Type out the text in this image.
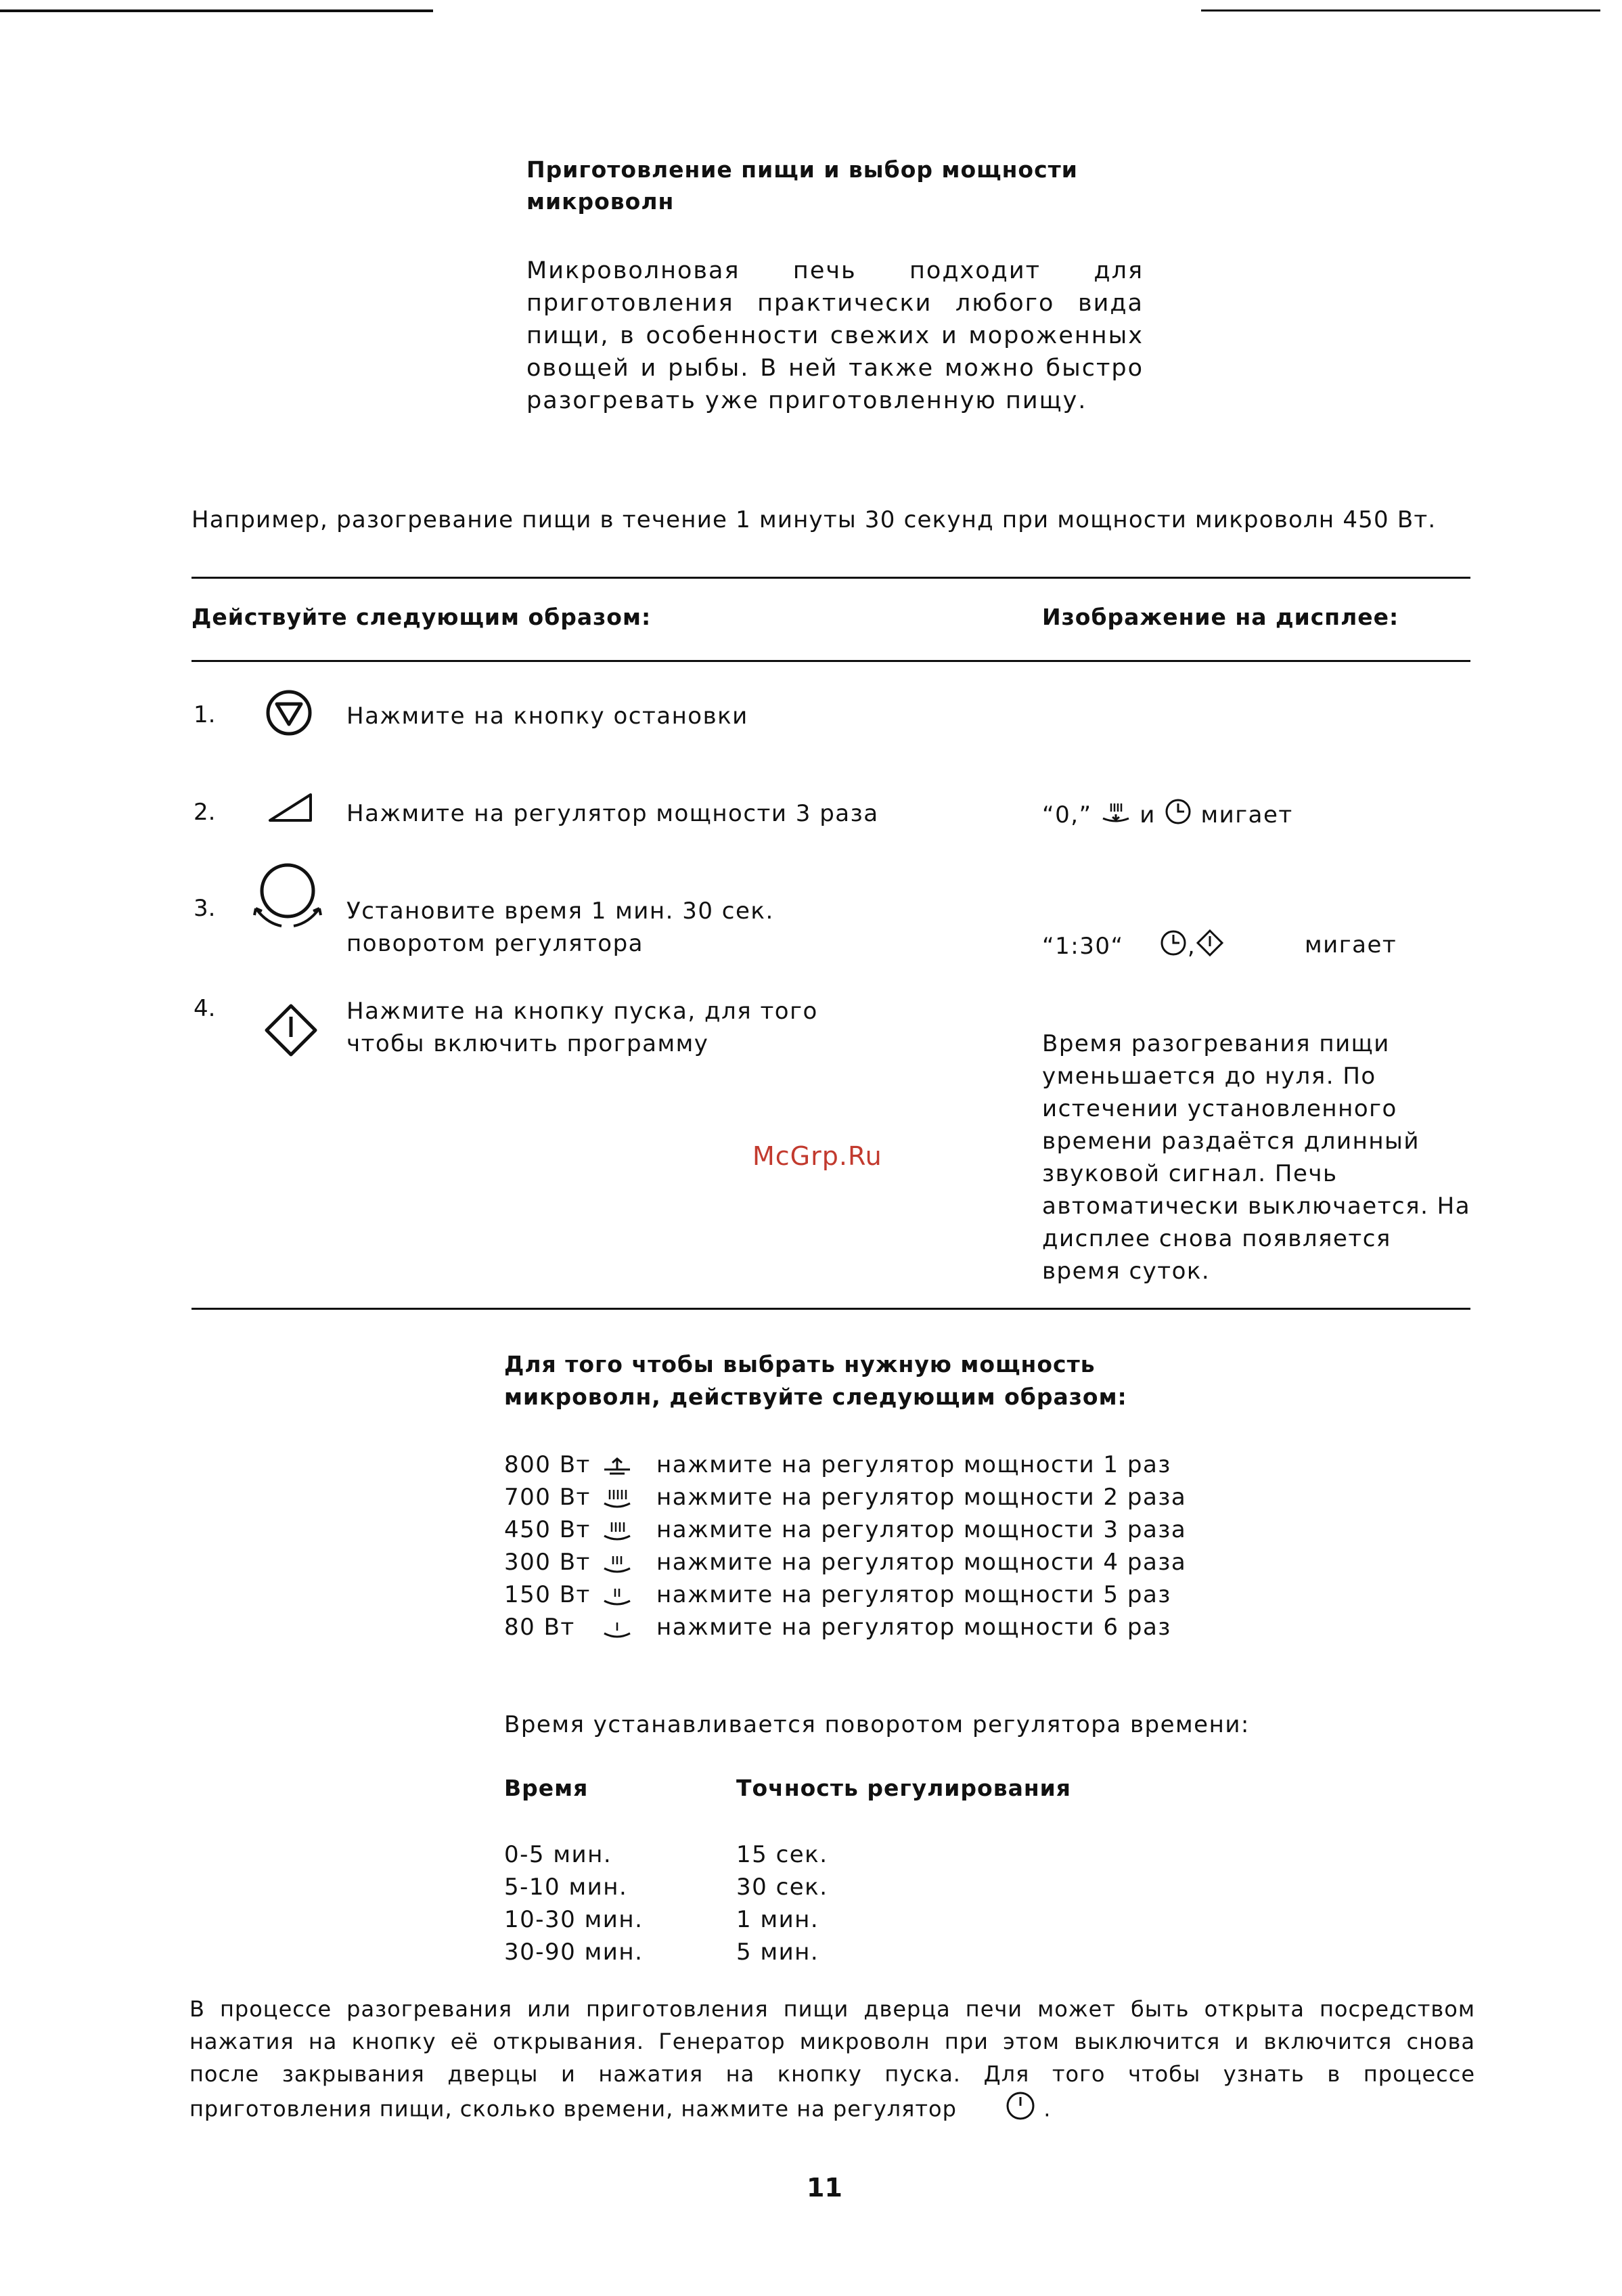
Приготовление пищи и выбор мощности микроволн
Микроволновая печь подходит для приготовления практически любого вида пищи, в особенности свежих и мороженных овощей и рыбы. В ней также можно быстро разогревать уже приготовленную пищу.
Например, разогревание пищи в течение 1 минуты 30 секунд при мощности микроволн 450 Вт.
Действуйте следующим образом:	Изображение на дисплее:
1.	Нажмите на кнопку остановки
2.	Нажмите на регулятор мощности 3 раза	“0,” и мигает
3.	Установите время 1 мин. 30 сек.
поворотом регулятора	“1:30“	,	мигает
4.	Нажмите на кнопку пуска, для того
чтобы включить программу	Время разогревания пищи
уменьшается до нуля. По
истечении установленного
времени раздаётся длинный
звуковой сигнал. Печь
автоматически выключается. На
дисплее снова появляется
время суток.
McGrp.Ru
Для того чтобы выбрать нужную мощность
микроволн, действуйте следующим образом:
800 Вт	нажмите на регулятор мощности 1 раз
700 Вт	нажмите на регулятор мощности 2 раза
450 Вт	нажмите на регулятор мощности 3 раза
300 Вт	нажмите на регулятор мощности 4 раза
150 Вт	нажмите на регулятор мощности 5 раз
80 Вт	нажмите на регулятор мощности 6 раз
Время устанавливается поворотом регулятора времени:
Время	Точность регулирования
0-5 мин.	15 сек.
5-10 мин.	30 сек.
10-30 мин.	1 мин.
30-90 мин.	5 мин.
В процессе разогревания или приготовления пищи дверца печи может быть открыта посредством
нажатия на кнопку её открывания. Генератор микроволн при этом выключится и включится снова
после закрывания дверцы и нажатия на кнопку пуска. Для того чтобы узнать в процессе
приготовления пищи, сколько времени, нажмите на регулятор	.
11
